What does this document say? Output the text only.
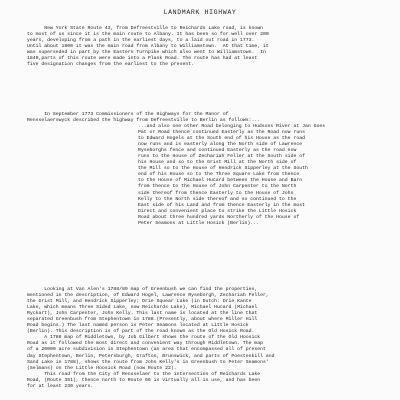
LANDMARK HIGHWAY
New York State Route 43, from Defreestville to Reichards Lake road, is known
to most of us since it is the main route to Albany. It has been so for well over 200
years, developing from a path in the earliest days, to a laid out road in 1773.
Until about 1800 it was the main road from Albany to Williamstown.  At that time, it
was superseded in part by the Eastern Turnpike which also went to Williamstown.  In
1849,parts of this route were made into a Plank Road. The route has had at least
five designation changes from the earliest to the present.
In September 1773 Commissioners of the Highways for the Manor of
Rensselaerswyck described the highway from Defreestville to Berlin as follows:...
...and also one other Road belonging to Hudsons River at Jan Goes
Pat or Road thence continued Easterly as the Road now runs
to Edward Hogels at the South end of his House as the road
now runs and is easterly along the North side of Lawrence
Ryseborghs fence and continued Easterly as the road now
runs to the House of Zechariah Feller at the South side of
his House and so to the Grist Mill at the North side of
the Mill so to the House of Hendrick Sipperley at the South
end of his House so to the Three Square Lake from thence
to the House of Michael Hucard between the House and Barn
from thence to the House of John Carpenter to the North
side thereof from thence Easterly to the House of John
Kelly to the North side thereof and so continued to the
East side of his Land and from thence Easterly in the most
Direct and convenient place to strike the Little Hosick
Road about three hundred yards Northerly of the House of
Peter Seamons at Little Hosick (Berlin)...
Looking at Van Alen's 1788/89 map of Greenbush we can find the properties,
mentioned in the description, of Edward Hogel, Lawrence Ryseborgh, Zechariah Feller,
the Grist Mill, and Hendrick Sipperley; Drie Squear Lake (in Dutch: Drie Kante
Lake, which means Three Sided Lake, now Reichards Lake), Michael Hucard (Michael
Ryckart), John Carpenter, John Kelly. This last name is located at the line that
separated Greenbush from Stephentown in 1788.(Presently, about where Miller Hill
Road begins.) The last named person is Peter Seamons located at Little Hosick
(Berlin). This description is of part of the road known as the Old Hosick Road.
A 1788 map of Middletown, by Job Gilbert shows the route of the Old Hoosick
Road as it followed the most direct and convenient way through Middletown. The map
of a 20000 acre subdivision in Stephentown (an area that encompassed all of present
day Stephentown, Berlin, Petersburgh, Grafton, Brunswick, and parts of Poestenkill and
Sand Lake in 1788), shows the route from John Kelly's in Greenbush to Peter Seamons'
(Selmans) on the Little Hoosick Road (now Route 22).
This road from the City of Rensselaer to the intersection of Reichards Lake
Road, (Route 351), thence north to Route 66 is virtually all in use, and has been
for at least 230 years.
